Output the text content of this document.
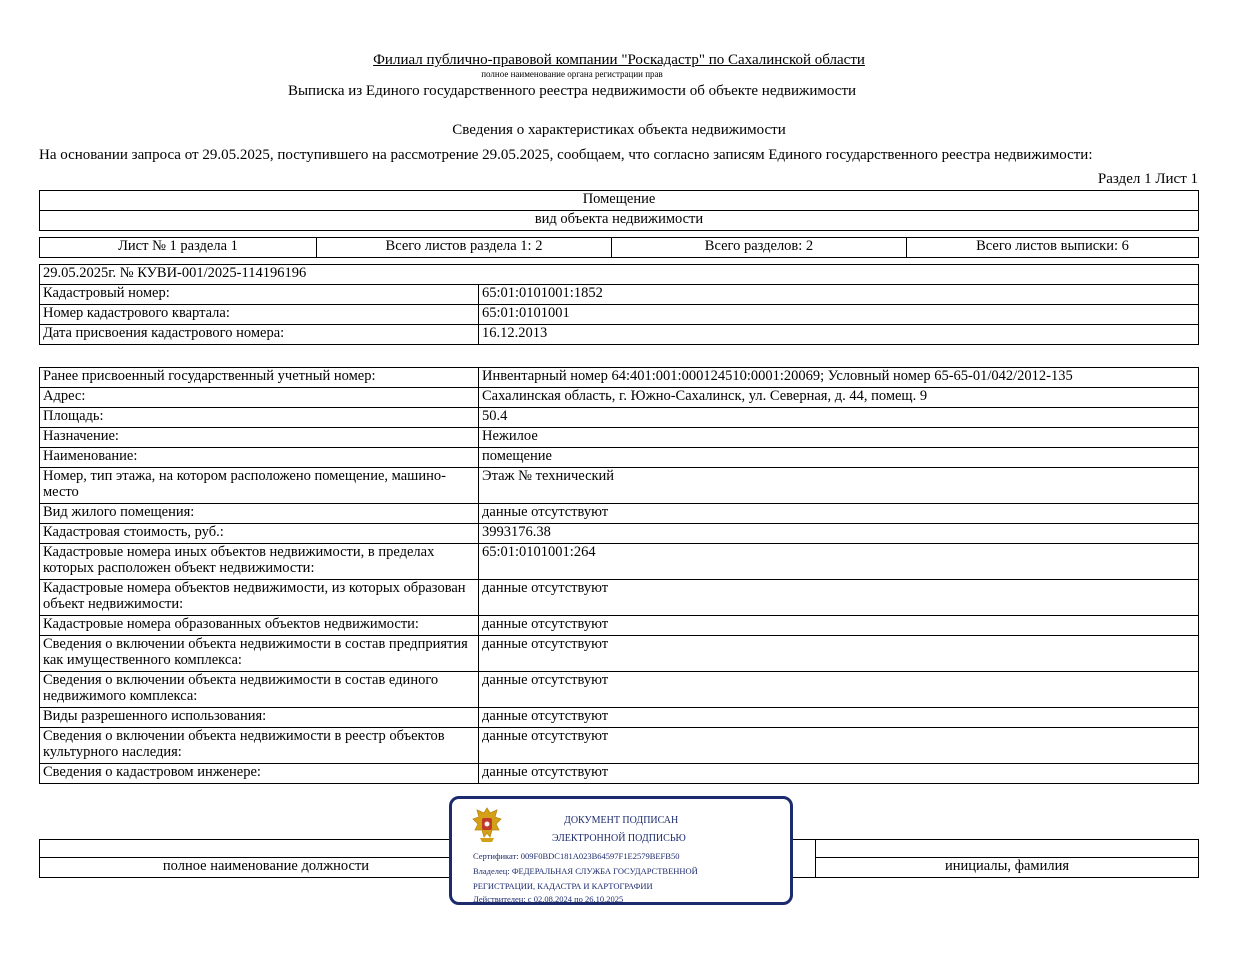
Филиал публично-правовой компании "Роскадастр" по Сахалинской области
полное наименование органа регистрации прав
Выписка из Единого государственного реестра недвижимости об объекте недвижимости
Сведения о характеристиках объекта недвижимости
На основании запроса от 29.05.2025, поступившего на рассмотрение 29.05.2025, сообщаем, что согласно записям Единого государственного реестра недвижимости:
Раздел 1 Лист 1
Помещение
вид объекта недвижимости
Лист № 1 раздела 1	Всего листов раздела 1: 2	Всего разделов: 2	Всего листов выписки: 6
29.05.2025г. № КУВИ-001/2025-114196196	
Кадастровый номер:	65:01:0101001:1852
Номер кадастрового квартала:	65:01:0101001
Дата присвоения кадастрового номера:	16.12.2013
Ранее присвоенный государственный учетный номер:	Инвентарный номер 64:401:001:000124510:0001:20069; Условный номер 65-65-01/042/2012-135
Адрес:	Сахалинская область, г. Южно-Сахалинск, ул. Северная, д. 44, помещ. 9
Площадь:	50.4
Назначение:	Нежилое
Наименование:	помещение
Номер, тип этажа, на котором расположено помещение, машино-место	Этаж № технический
Вид жилого помещения:	данные отсутствуют
Кадастровая стоимость, руб.:	3993176.38
Кадастровые номера иных объектов недвижимости, в пределах которых расположен объект недвижимости:	65:01:0101001:264
Кадастровые номера объектов недвижимости, из которых образован объект недвижимости:	данные отсутствуют
Кадастровые номера образованных объектов недвижимости:	данные отсутствуют
Сведения о включении объекта недвижимости в состав предприятия как имущественного комплекса:	данные отсутствуют
Сведения о включении объекта недвижимости в состав единого недвижимого комплекса:	данные отсутствуют
Виды разрешенного использования:	данные отсутствуют
Сведения о включении объекта недвижимости в реестр объектов культурного наследия:	данные отсутствуют
Сведения о кадастровом инженере:	данные отсутствуют

полное наименование должности		инициалы, фамилия
ДОКУМЕНТ ПОДПИСАН
ЭЛЕКТРОННОЙ ПОДПИСЬЮ
Сертификат: 009F0BDC181A023B64597F1E2579BEFB50
Владелец: ФЕДЕРАЛЬНАЯ СЛУЖБА ГОСУДАРСТВЕННОЙ
РЕГИСТРАЦИИ, КАДАСТРА И КАРТОГРАФИИ
Действителен: с 02.08.2024 по 26.10.2025
